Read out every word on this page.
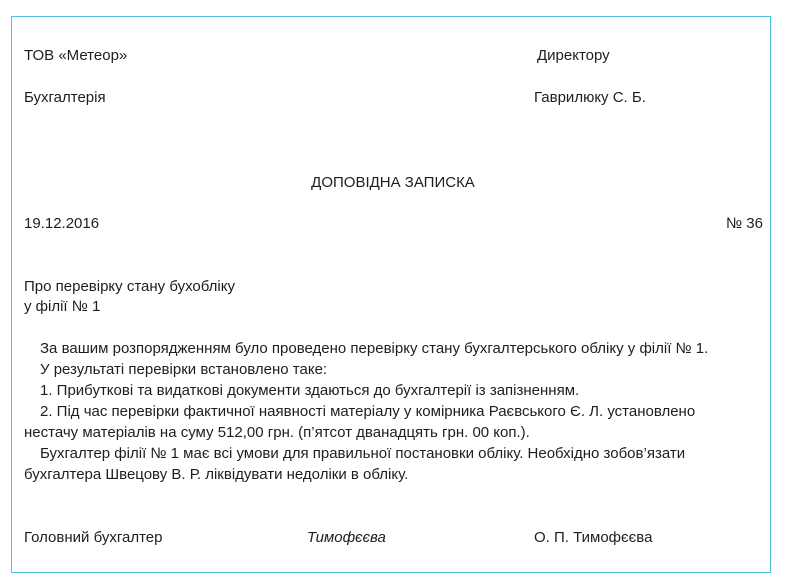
ТОВ «Метеор»
Бухгалтерія
Директору
Гаврилюку С. Б.
ДОПОВІДНА ЗАПИСКА
19.12.2016	№ 36
Про перевірку стану бухобліку
у філії № 1
За вашим розпорядженням було проведено перевірку стану бухгалтерського обліку у філії № 1.
У результаті перевірки встановлено таке:
1. Прибуткові та видаткові документи здаються до бухгалтерії із запізненням.
2. Під час перевірки фактичної наявності матеріалу у комірника Раєвського Є. Л. установлено
нестачу матеріалів на суму 512,00 грн. (п’ятсот дванадцять грн. 00 коп.).
Бухгалтер філії № 1 має всі умови для правильної постановки обліку. Необхідно зобов’язати
бухгалтера Швецову В. Р. ліквідувати недоліки в обліку.
Головний бухгалтер	Тимофєєва	О. П. Тимофєєва
